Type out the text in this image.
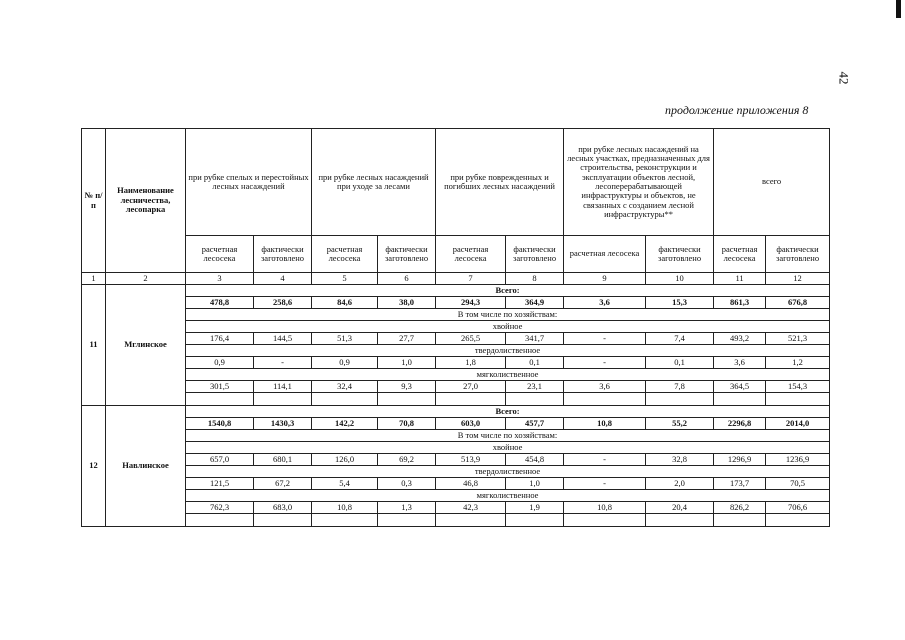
42
продолжение приложения 8
№ п/п	Наименование лесничества, лесопарка	при рубке спелых и перестойных лесных насаждений		при рубке лесных насаждений при уходе за лесами		при рубке поврежденных и погибших лесных насаждений		при рубке лесных насаждений на лесных участках, предназначенных для строительства, реконструкции и эксплуатации объектов лесной, лесоперерабатывающей инфраструктуры и объектов, не связанных с созданием лесной инфраструктуры**		всего	
		расчетная лесосека	фактически заготовлено	расчетная лесосека	фактически заготовлено	расчетная лесосека	фактически заготовлено	расчетная лесосека	фактически заготовлено	расчетная лесосека	фактически заготовлено
1	2	3	4	5	6	7	8	9	10	11	12
11	Мглинское	Всего:									
		478,8	258,6	84,6	38,0	294,3	364,9	3,6	15,3	861,3	676,8
		В том числе по хозяйствам:									
		хвойное									
		176,4	144,5	51,3	27,7	265,5	341,7	-	7,4	493,2	521,3
		твердолиственное									
		0,9	-	0,9	1,0	1,8	0,1	-	0,1	3,6	1,2
		мягколиственное									
		301,5	114,1	32,4	9,3	27,0	23,1	3,6	7,8	364,5	154,3

12	Навлинское	Всего:									
		1540,8	1430,3	142,2	70,8	603,0	457,7	10,8	55,2	2296,8	2014,0
		В том числе по хозяйствам:									
		хвойное									
		657,0	680,1	126,0	69,2	513,9	454,8	-	32,8	1296,9	1236,9
		твердолиственное									
		121,5	67,2	5,4	0,3	46,8	1,0	-	2,0	173,7	70,5
		мягколиственное									
		762,3	683,0	10,8	1,3	42,3	1,9	10,8	20,4	826,2	706,6
